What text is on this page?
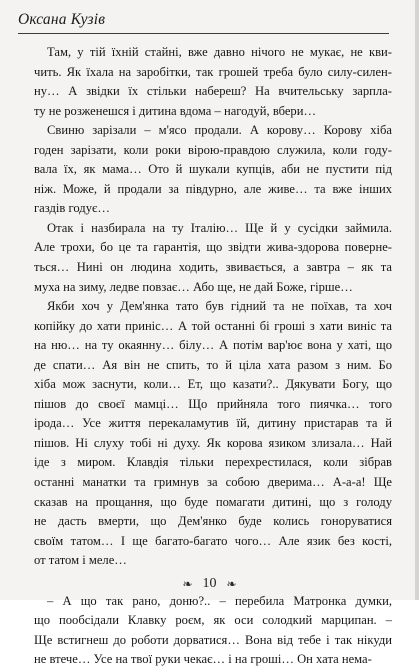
Оксана Кузів

Там, у тій їхній стайні, вже давно нічого не мукає, не кви-
чить. Як їхала на заробітки, так грошей треба було силу-силен-
ну… А звідки їх стільки набереш? На вчительську зарпла-
ту не розженешся і дитина вдома – нагодуй, вбери…

Свиню зарізали – м'ясо продали. А корову… Корову хіба
годен зарізати, коли роки вірою-правдою служила, коли году-
вала їх, як мама… Ото й шукали купців, аби не пустити під
ніж. Може, й продали за півдурно, але живе… та вже інших
газдів годує…

Отак і назбирала на ту Італію… Ще й у сусідки займила.
Але трохи, бо це та гарантія, що звідти жива-здорова поверне-
ться… Нині он людина ходить, звивається, а завтра – як та
муха на зиму, ледве повзає… Або ще, не дай Боже, гірше…

Якби хоч у Дем'янка тато був гідний та не поїхав, та хоч
копійку до хати приніс… А той останні бі гроші з хати виніс та
на ню… на ту окаянну… білу… А потім вар'ює вона у хаті, що
де спати… Ая він не спить, то й ціла хата разом з ним. Бо
хіба мож заснути, коли… Ет, що казати?.. Дякувати Богу, що
пішов до своєї мамці… Що прийняла того пиячка… того
ірода… Усе життя перекаламутив їй, дитину пристарав та й
пішов. Ні слуху тобі ні духу. Як корова язиком злизала… Най
іде з миром. Клавдія тільки перехрестилася, коли зібрав
останні манатки та гримнув за собою дверима… А-а-а! Ще
сказав на прощання, що буде помагати дитині, що з голоду
не дасть вмерти, що Дем'янко буде колись гоноруватися
своїм татом… І ще багато-багато чого… Але язик без кості,
от татом і меле…

– А що так рано, доню?.. – перебила Матронка думки,
що пообсідали Клавку роєм, як оси солодкий марципан. –
Ще встигнеш до роботи дорватися… Вона від тебе і так нікуди
не втече… Усе на твої руки чекає… і на гроші… Он хата нема-

❧ 10 ❧
